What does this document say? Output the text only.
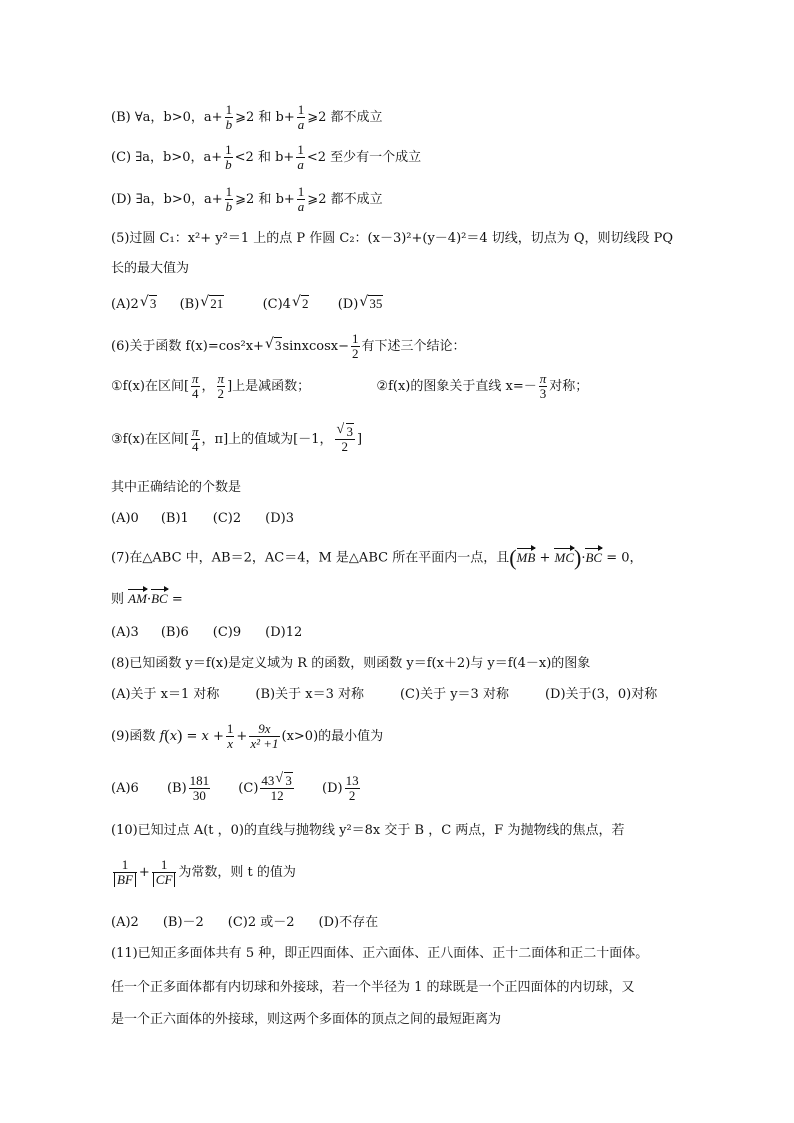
(B) ∀a，b>0，$a+ \frac{1}{b}$ ⩾2 和 $b+ \frac{1}{a}$ ⩾2 都不成立
(C) ∃a，b>0，$a+ \frac{1}{b} <2$ 和 $b+ \frac{1}{a} <2$ 至少有一个成立
(D) ∃a，b>0，$a+ \frac{1}{b}$ ⩾2 和 $b+ \frac{1}{a}$ ⩾2 都不成立
(5)过圆 C₁：x²+ y²＝1 上的点 P 作圆 C₂：(x－3)²+(y－4)²＝4 切线，切点为 Q，则切线段 PQ
长的最大值为
(A)2 √ 3 (B) √ 21	(C)4 √ 2 (D) √ 35
(6)关于函数 f(x)=cos²x+ √ 3sinxcosx− $\frac{1}{2}$ 有下述三个结论：
①f(x)在区间[ $\frac{\pi}{4}$ ， $\frac{\pi}{2}$ ]上是减函数；	②f(x)的图象关于直线 $x=- \frac{\pi}{3}$ 对称；
③f(x)在区间[ $\frac{\pi}{4}$ ，π]上的值域为[－1， $\frac{√ 3}{2}$ ]
其中正确结论的个数是
(A)0 (B)1 (C)2 (D)3
(7)在△ABC 中，AB＝2，AC＝4，M 是△ABC 所在平面内一点，且(MB + MC)·BC = 0，
则 AM·BC =
(A)3 (B)6 (C)9 (D)12
(8)已知函数 y＝f(x)是定义域为 R 的函数，则函数 y＝f(x＋2)与 y＝f(4－x)的图象
(A)关于 x＝1 对称	(B)关于 x＝3 对称	(C)关于 y＝3 对称	(D)关于(3，0)对称
(9)函数 $f(x) = x + \frac{1}{x} + \frac{9x}{\text{x² +1}} (x>0)$的最小值为
(A)6 $(B) \frac{181}{30} (C) \frac{43 √ 3}{12} (D) \frac{13}{2}$
(10)已知过点 A(t ，0)的直线与抛物线 y²＝8x 交于 B ，C 两点，F 为抛物线的焦点，若
$\frac{1}{BF} + \frac{1}{CF}$ 为常数，则 t 的值为
(A)2 (B)－2 (C)2 或－2 (D)不存在
(11)已知正多面体共有 5 种，即正四面体、正六面体、正八面体、正十二面体和正二十面体。
任一个正多面体都有内切球和外接球，若一个半径为 1 的球既是一个正四面体的内切球，又
是一个正六面体的外接球，则这两个多面体的顶点之间的最短距离为
